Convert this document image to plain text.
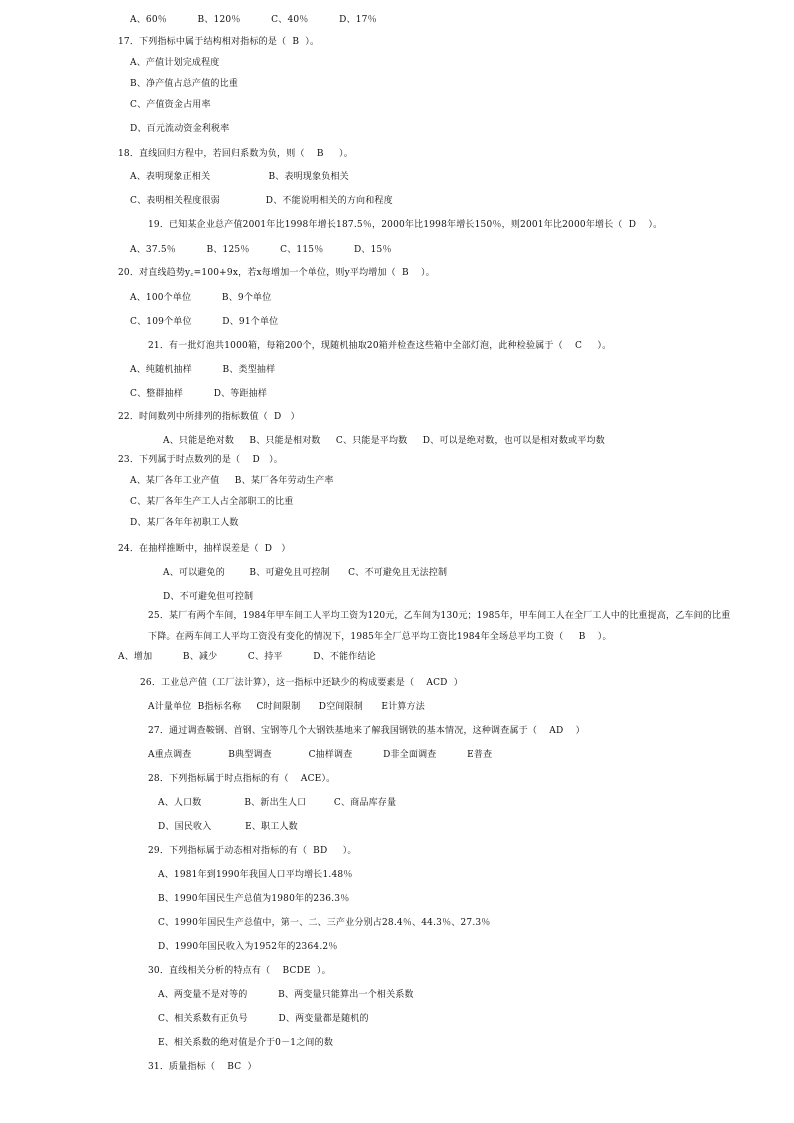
A、60％          B、120％          C、40％          D、17％
17．下列指标中属于结构相对指标的是（  B  ）。
A、产值计划完成程度
B、净产值占总产值的比重
C、产值资金占用率
D、百元流动资金利税率
18．直线回归方程中，若回归系数为负，则（    B     ）。
A、表明现象正相关                   B、表明现象负相关
C、表明相关程度很弱               D、不能说明相关的方向和程度
19．已知某企业总产值2001年比1998年增长187.5％，2000年比1998年增长150％，则2001年比2000年增长（  D    ）。
A、37.5％          B、125％          C、115％          D、15％
20．对直线趋势y꜀=100+9x，若x每增加一个单位，则y平均增加（  B    ）。
A、100个单位          B、9个单位
C、109个单位          D、91个单位
21．有一批灯泡共1000箱，每箱200个，现随机抽取20箱并检查这些箱中全部灯泡，此种检验属于（    C     ）。
A、纯随机抽样          B、类型抽样
C、整群抽样          D、等距抽样
22．时间数列中所排列的指标数值（  D   ）
A、只能是绝对数     B、只能是相对数     C、只能是平均数     D、可以是绝对数，也可以是相对数或平均数
23．下列属于时点数列的是（    D   ）。
A、某厂各年工业产值     B、某厂各年劳动生产率
C、某厂各年生产工人占全部职工的比重
D、某厂各年年初职工人数
24．在抽样推断中，抽样误差是（  D   ）
A、可以避免的        B、可避免且可控制      C、不可避免且无法控制
D、不可避免但可控制
25．某厂有两个车间，1984年甲车间工人平均工资为120元，乙车间为130元；1985年，甲车间工人在全厂工人中的比重提高，乙车间的比重
下降。在两车间工人平均工资没有变化的情况下，1985年全厂总平均工资比1984年全场总平均工资（     B    ）。
A、增加          B、减少          C、持平          D、不能作结论
26．工业总产值（工厂法计算），这一指标中还缺少的构成要素是（    ACD  ）
A计量单位  B指标名称     C时间限制      D空间限制      E计算方法
27．通过调查鞍钢、首钢、宝钢等几个大钢铁基地来了解我国钢铁的基本情况，这种调查属于（    AD    ）
A重点调查            B典型调查            C抽样调查          D非全面调查          E普查
28．下列指标属于时点指标的有（    ACE）。
A、人口数              B、新出生人口         C、商品库存量
D、国民收入           E、职工人数
29．下列指标属于动态相对指标的有（  BD     ）。
A、1981年到1990年我国人口平均增长1.48％
B、1990年国民生产总值为1980年的236.3％
C、1990年国民生产总值中，第一、二、三产业分别占28.4％、44.3％、27.3％
D、1990年国民收入为1952年的2364.2％
30．直线相关分析的特点有（    BCDE  ）。
A、两变量不是对等的          B、两变量只能算出一个相关系数
C、相关系数有正负号          D、两变量都是随机的
E、相关系数的绝对值是介于0－1之间的数
31．质量指标（    BC  ）
